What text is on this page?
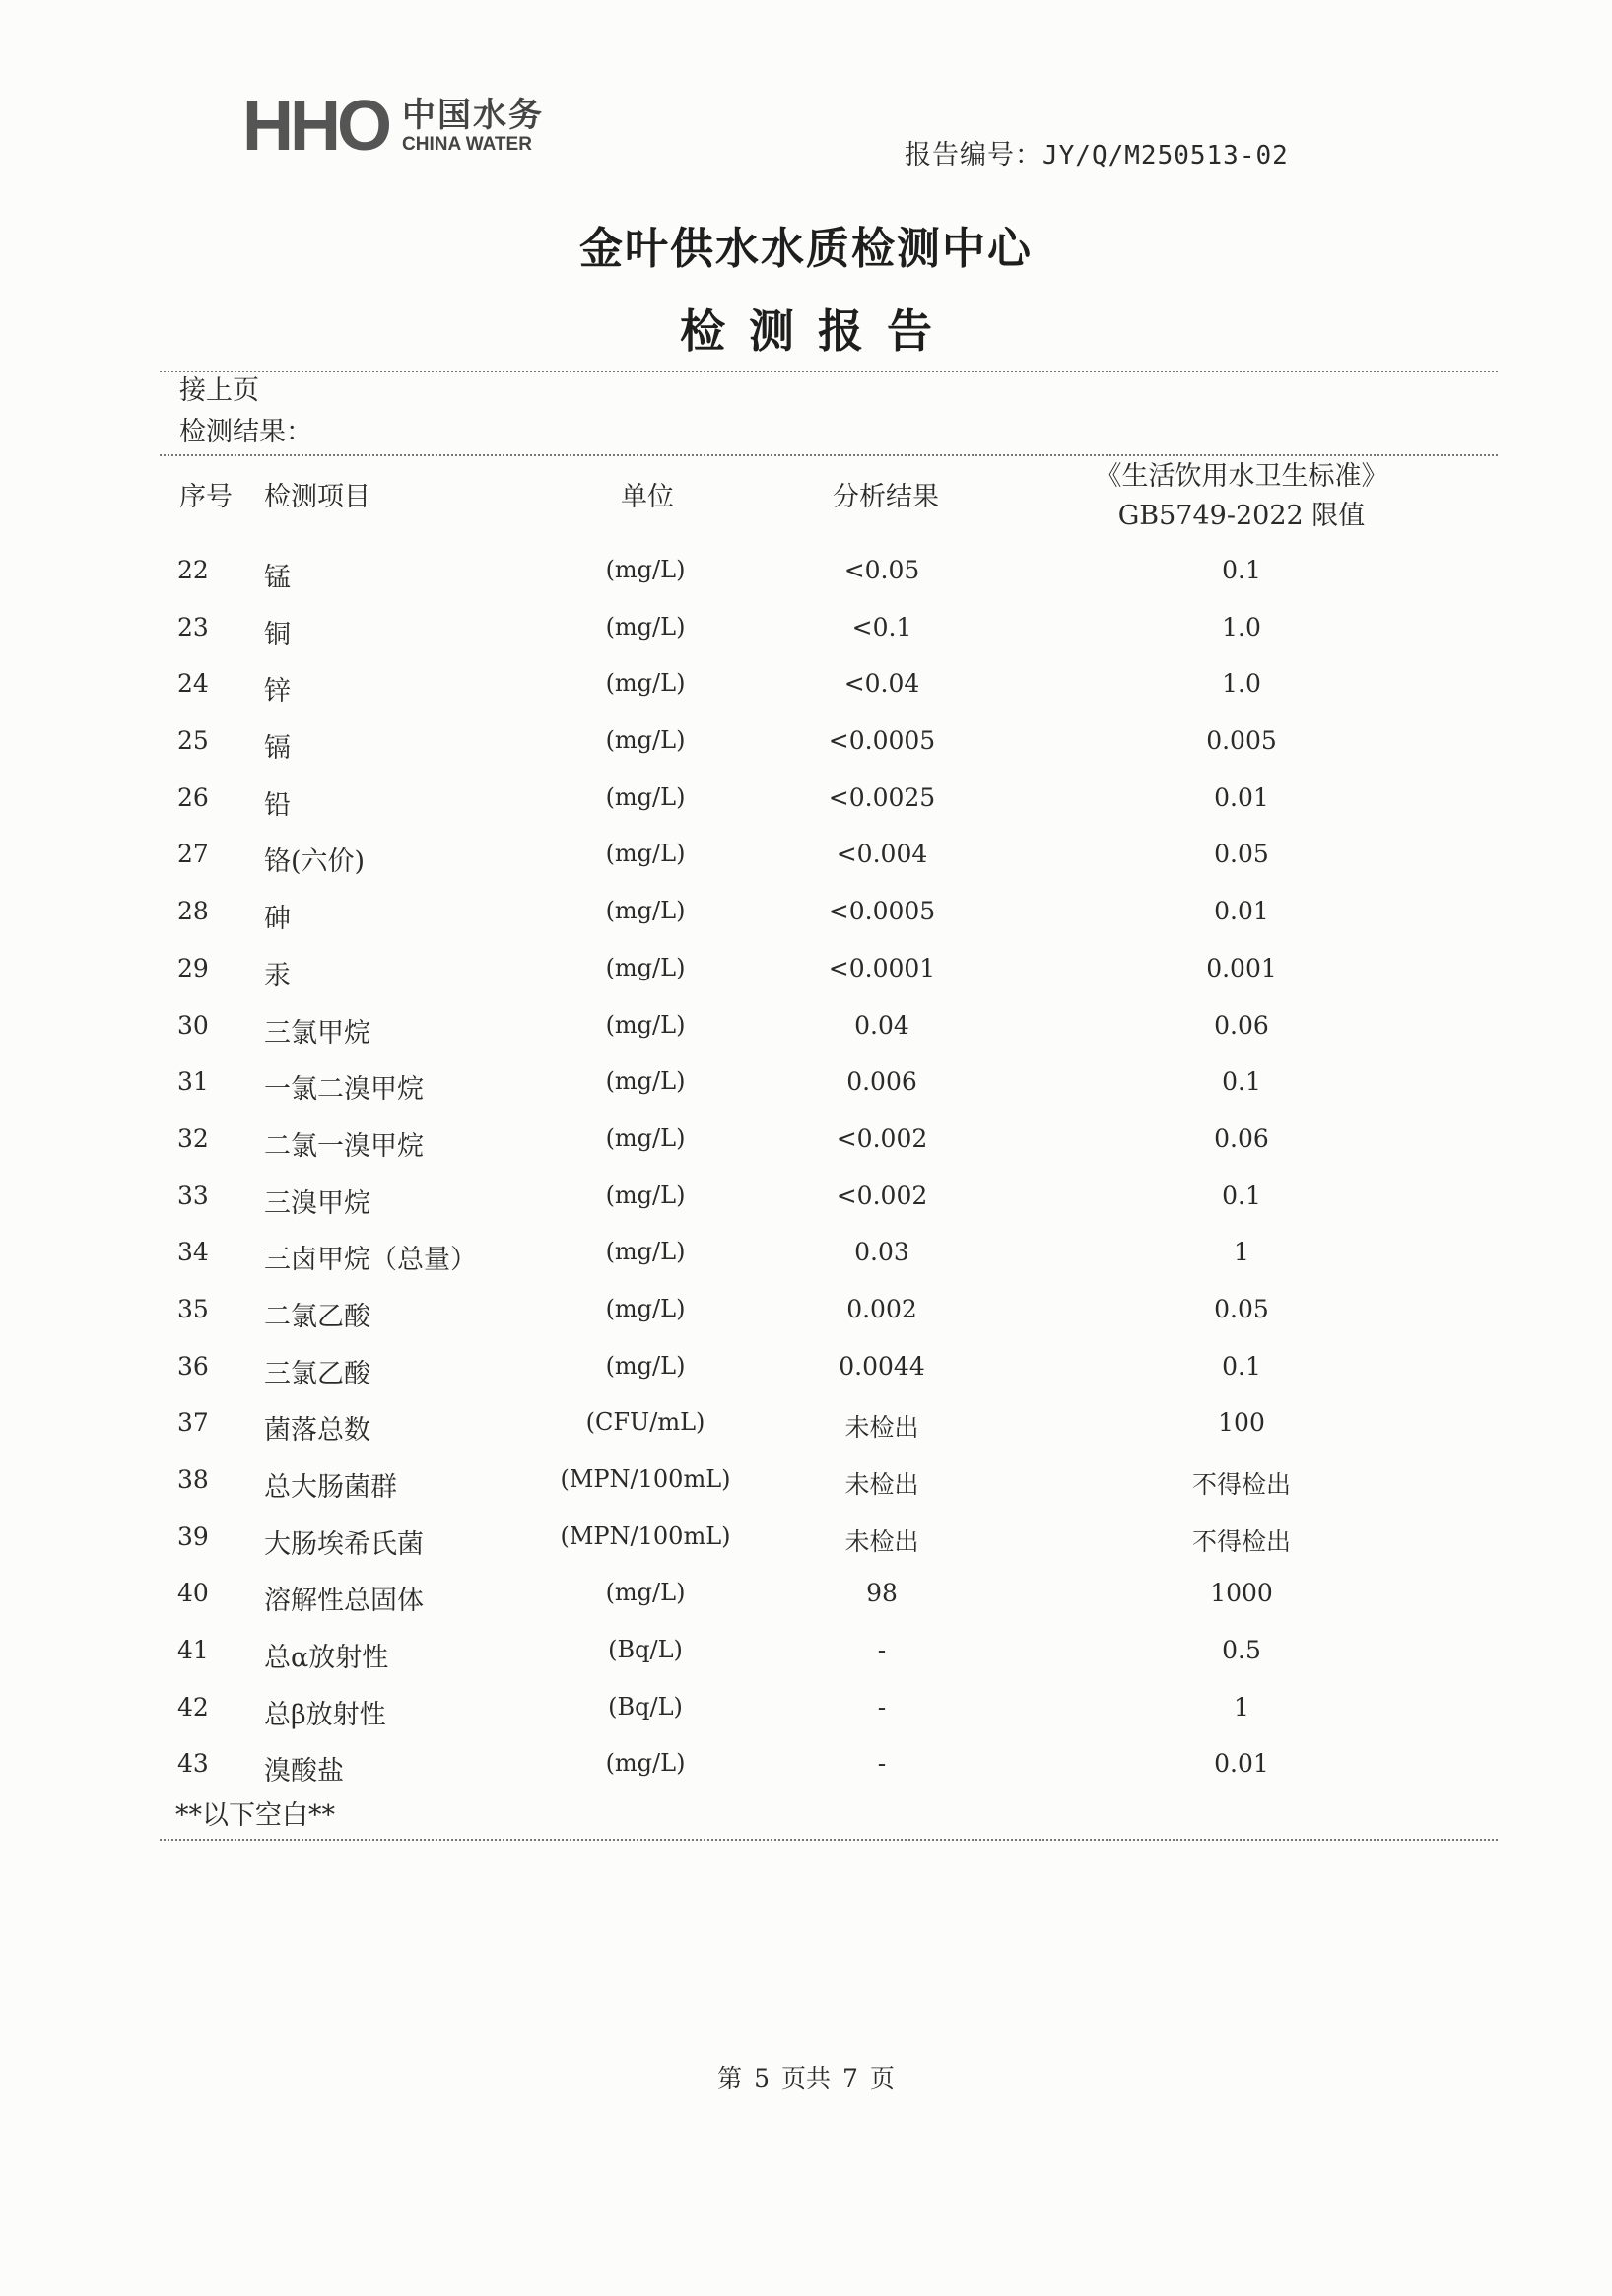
HHO 中国水务
CHINA WATER	报告编号：JY/Q/M250513-02
金叶供水水质检测中心
检测报告
接上页
检测结果：
序号 检测项目	单位	分析结果
《生活饮用水卫生标准》
GB5749-2022 限值
22 锰	(mg/L)	<0.05	0.1
23 铜	(mg/L)	<0.1	1.0
24 锌	(mg/L)	<0.04	1.0
25 镉	(mg/L)	<0.0005	0.005
26 铅	(mg/L)	<0.0025	0.01
27 铬(六价)	(mg/L)	<0.004	0.05
28 砷	(mg/L)	<0.0005	0.01
29 汞	(mg/L)	<0.0001	0.001
30 三氯甲烷	(mg/L)	0.04	0.06
31 一氯二溴甲烷	(mg/L)	0.006	0.1
32 二氯一溴甲烷	(mg/L)	<0.002	0.06
33 三溴甲烷	(mg/L)	<0.002	0.1
34 三卤甲烷（总量）	(mg/L)	0.03	1
35 二氯乙酸	(mg/L)	0.002	0.05
36 三氯乙酸	(mg/L)	0.0044	0.1
37 菌落总数	(CFU/mL)	未检出	100
38 总大肠菌群	(MPN/100mL)	未检出	不得检出
39 大肠埃希氏菌	(MPN/100mL)	未检出	不得检出
40 溶解性总固体	(mg/L)	98	1000
41 总α放射性	(Bq/L)	-	0.5
42 总β放射性	(Bq/L)	-	1
43 溴酸盐	(mg/L)	-	0.01
**以下空白**
第 5 页共 7 页
